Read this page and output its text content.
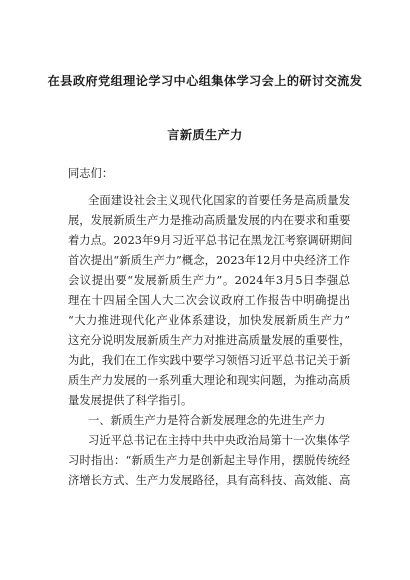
在县政府党组理论学习中心组集体学习会上的研讨交流发
言新质生产力
同志们：
全面建设社会主义现代化国家的首要任务是高质量发
展，发展新质生产力是推动高质量发展的内在要求和重要
着力点。2023年9月习近平总书记在黑龙江考察调研期间
首次提出“新质生产力”概念，2023年12月中央经济工作
会议提出要“发展新质生产力”。2024年3月5日李强总
理在十四届全国人大二次会议政府工作报告中明确提出
“大力推进现代化产业体系建设，加快发展新质生产力”
这充分说明发展新质生产力对推进高质量发展的重要性，
为此，我们在工作实践中要学习领悟习近平总书记关于新
质生产力发展的一系列重大理论和现实问题，为推动高质
量发展提供了科学指引。
一、新质生产力是符合新发展理念的先进生产力
习近平总书记在主持中共中央政治局第十一次集体学
习时指出：“新质生产力是创新起主导作用，摆脱传统经
济增长方式、生产力发展路径，具有高科技、高效能、高
